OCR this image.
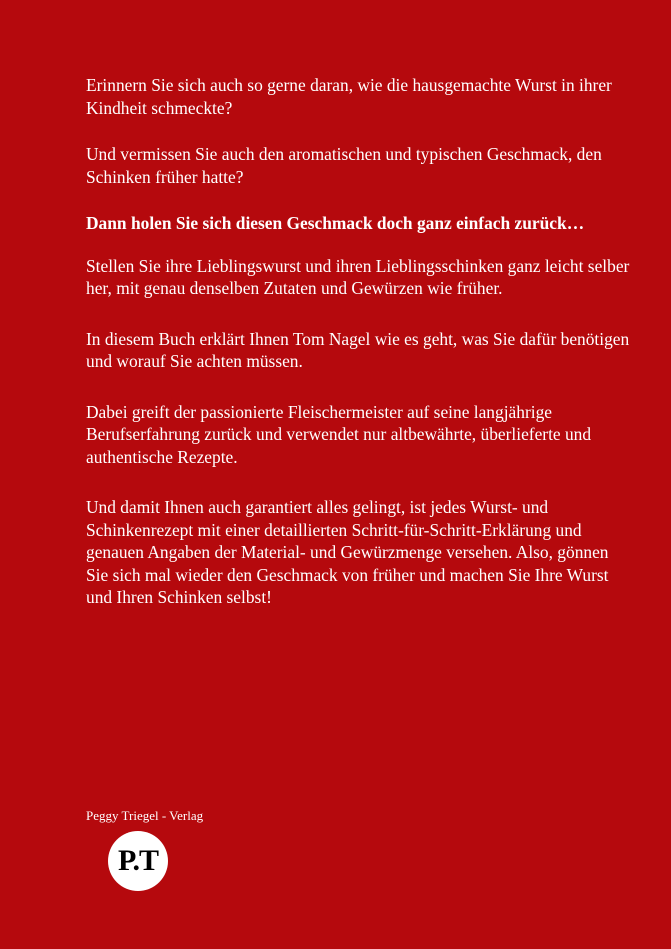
Erinnern Sie sich auch so gerne daran, wie die hausgemachte Wurst in ihrer Kindheit schmeckte?

Und vermissen Sie auch den aromatischen und typischen Geschmack, den Schinken früher hatte?

Dann holen Sie sich diesen Geschmack doch ganz einfach zurück…

Stellen Sie ihre Lieblingswurst und ihren Lieblingsschinken ganz leicht selber her, mit genau denselben Zutaten und Gewürzen wie früher.

In diesem Buch erklärt Ihnen Tom Nagel wie es geht, was Sie dafür benötigen und worauf Sie achten müssen.

Dabei greift der passionierte Fleischermeister auf seine langjährige Berufserfahrung zurück und verwendet nur altbewährte, überlieferte und authentische Rezepte.

Und damit Ihnen auch garantiert alles gelingt, ist jedes Wurst- und Schinkenrezept mit einer detaillierten Schritt-für-Schritt-Erklärung und genauen Angaben der Material- und Gewürzmenge versehen. Also, gönnen Sie sich mal wieder den Geschmack von früher und machen Sie Ihre Wurst und Ihren Schinken selbst!

Peggy Triegel - Verlag
P.T
